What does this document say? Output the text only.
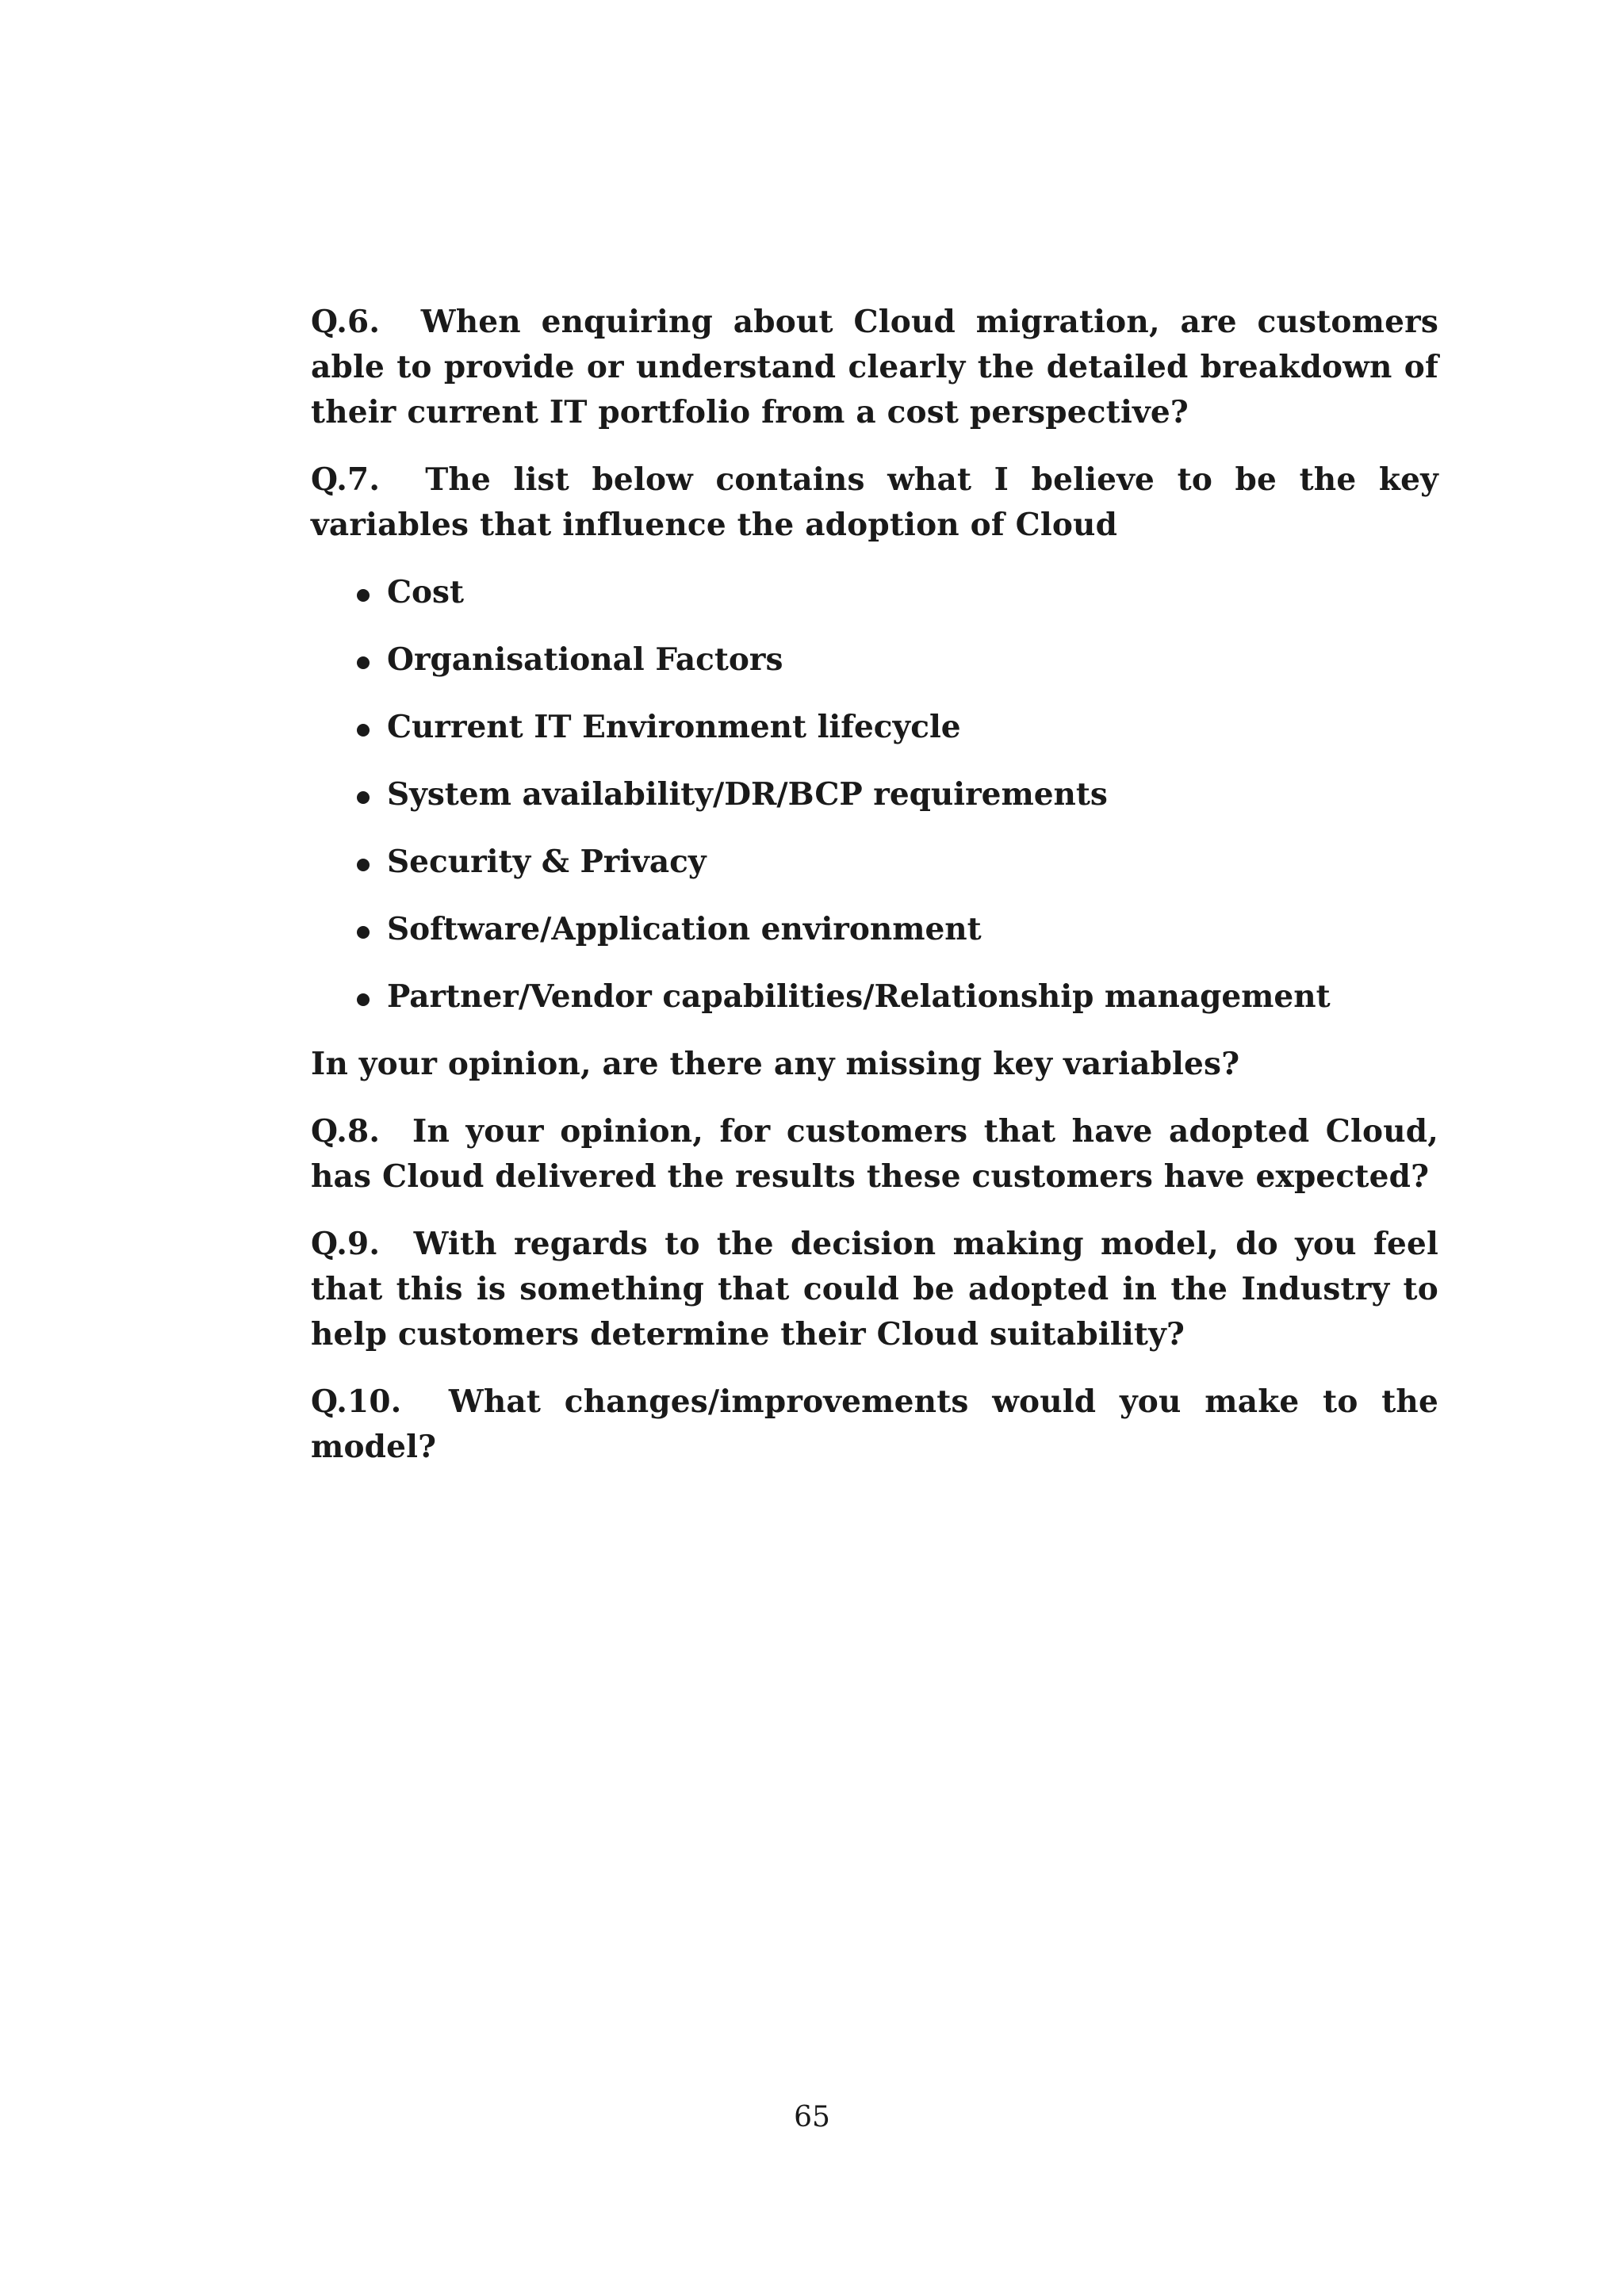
Q.6. When enquiring about Cloud migration, are customers able to provide or understand clearly the detailed breakdown of their current IT portfolio from a cost perspective?

Q.7. The list below contains what I believe to be the key variables that influence the adoption of Cloud

Cost
Organisational Factors
Current IT Environment lifecycle
System availability/DR/BCP requirements
Security & Privacy
Software/Application environment
Partner/Vendor capabilities/Relationship management

In your opinion, are there any missing key variables?

Q.8. In your opinion, for customers that have adopted Cloud, has Cloud delivered the results these customers have expected?

Q.9. With regards to the decision making model, do you feel that this is something that could be adopted in the Industry to help customers determine their Cloud suitability?

Q.10. What changes/improvements would you make to the model?

65
